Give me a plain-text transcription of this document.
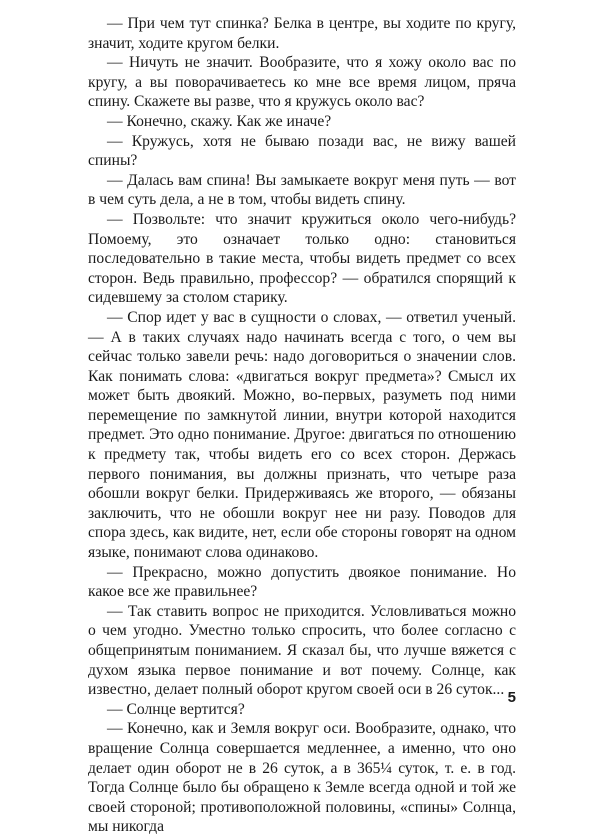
— При чем тут спинка? Белка в центре, вы ходите по кругу, значит, ходите кругом белки.

— Ничуть не значит. Вообразите, что я хожу около вас по кругу, а вы поворачиваетесь ко мне все время лицом, пряча спину. Скажете вы разве, что я кружусь около вас?

— Конечно, скажу. Как же иначе?

— Кружусь, хотя не бываю позади вас, не вижу вашей спины?

— Далась вам спина! Вы замыкаете вокруг меня путь — вот в чем суть дела, а не в том, чтобы видеть спину.

— Позвольте: что значит кружиться около чего-нибудь? Помоему, это означает только одно: становиться последовательно в такие места, чтобы видеть предмет со всех сторон. Ведь правильно, профессор? — обратился спорящий к сидевшему за столом старику.

— Спор идет у вас в сущности о словах, — ответил ученый. — А в таких случаях надо начинать всегда с того, о чем вы сейчас только завели речь: надо договориться о значении слов. Как понимать слова: «двигаться вокруг предмета»? Смысл их может быть двоякий. Можно, во-первых, разуметь под ними перемещение по замкнутой линии, внутри которой находится предмет. Это одно понимание. Другое: двигаться по отношению к предмету так, чтобы видеть его со всех сторон. Держась первого понимания, вы должны признать, что четыре раза обошли вокруг белки. Придерживаясь же второго, — обязаны заключить, что не обошли вокруг нее ни разу. Поводов для спора здесь, как видите, нет, если обе стороны говорят на одном языке, понимают слова одинаково.

— Прекрасно, можно допустить двоякое понимание. Но какое все же правильнее?

— Так ставить вопрос не приходится. Условливаться можно о чем угодно. Уместно только спросить, что более согласно с общепринятым пониманием. Я сказал бы, что лучше вяжется с духом языка первое понимание и вот почему. Солнце, как известно, делает полный оборот кругом своей оси в 26 суток...

— Солнце вертится?

— Конечно, как и Земля вокруг оси. Вообразите, однако, что вращение Солнца совершается медленнее, а именно, что оно делает один оборот не в 26 суток, а в 365¼ суток, т. е. в год. Тогда Солнце было бы обращено к Земле всегда одной и той же своей стороной; противоположной половины, «спины» Солнца, мы никогда

5
